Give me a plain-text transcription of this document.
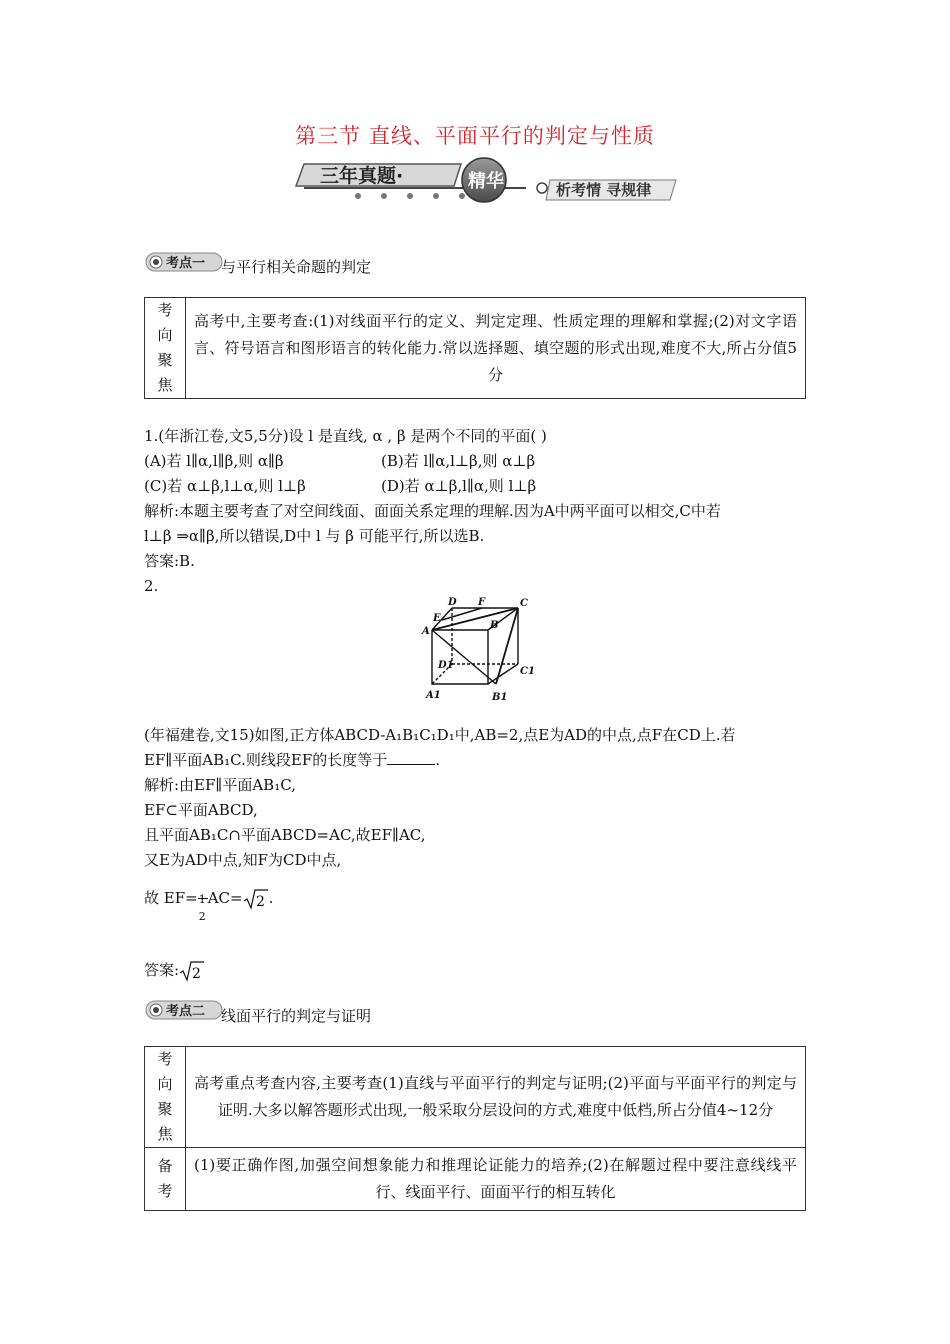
第三节 直线、平面平行的判定与性质
三年真题·	精华	析考情 寻规律
考点一 与平行相关命题的判定
考向聚焦	高考中,主要考查:(1)对线面平行的定义、判定定理、性质定理的理解和掌握;(2)对文字语言、符号语言和图形语言的转化能力.常以选择题、填空题的形式出现,难度不大,所占分值5分
1.(年浙江卷,文5,5分)设 l 是直线, α , β 是两个不同的平面( )
(A)若 l∥α,l∥β,则 α∥β	(B)若 l∥α,l⊥β,则 α⊥β
(C)若 α⊥β,l⊥α,则 l⊥β	(D)若 α⊥β,l∥α,则 l⊥β
解析:本题主要考查了对空间线面、面面关系定理的理解.因为A中两平面可以相交,C中若
l⊥β ⇒α∥β,所以错误,D中 l 与 β 可能平行,所以选B.
答案:B.
2.
D F	C
E
A
B
D1
C1
A1	B1
(年福建卷,文15)如图,正方体ABCD-A₁B₁C₁D₁中,AB=2,点E为AD的中点,点F在CD上.若
EF∥平面AB₁C.则线段EF的长度等于	.
解析:由EF∥平面AB₁C,
EF⊂平面ABCD,
且平面AB₁C∩平面ABCD=AC,故EF∥AC,
又E为AD中点,知F为CD中点,
故 EF= 1
2
AC= 2 .
答案: 2
考点二 线面平行的判定与证明
考向聚焦	高考重点考查内容,主要考查(1)直线与平面平行的判定与证明;(2)平面与平面平行的判定与证明.大多以解答题形式出现,一般采取分层设问的方式,难度中低档,所占分值4~12分
备考	(1)要正确作图,加强空间想象能力和推理论证能力的培养;(2)在解题过程中要注意线线平行、线面平行、面面平行的相互转化
